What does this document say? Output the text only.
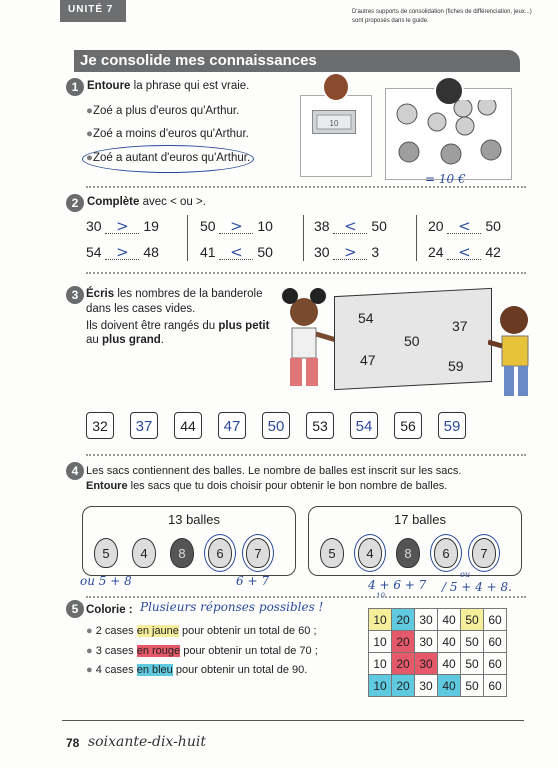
UNITÉ 7	D'autres supports de consolidation (fiches de différenciation, jeux...) sont proposés dans le guide.
Je consolide mes connaissances
1 Entoure la phrase qui est vraie.
●Zoé a plus d'euros qu'Arthur.
●Zoé a moins d'euros qu'Arthur.
●Zoé a autant d'euros qu'Arthur.
10
= 10 €
2 Complète avec < ou >.
30 > 19	50 > 10	38 < 50	20 < 50
54 > 48	41 < 50	30 > 3	24 < 42
3 Écris les nombres de la banderole
dans les cases vides.
Ils doivent être rangés du plus petit
au plus grand.
54	37
50
47	59
32	37	44	47	50	53	54	56	59
4 Les sacs contiennent des balles. Le nombre de balles est inscrit sur les sacs.
Entoure les sacs que tu dois choisir pour obtenir le bon nombre de balles.
13 balles	17 balles
5	4	8	6	7	5	4	8	6	7
ou 5 + 8	6 + 7	4 + 6 + 7
10
ou
/ 5 + 4 + 8.
5 Colorie : Plusieurs réponses possibles !
● 2 cases en jaune pour obtenir un total de 60 ;
● 3 cases en rouge pour obtenir un total de 70 ;
● 4 cases en bleu pour obtenir un total de 90.
10	20	30	40	50	60
10	20	30	40	50	60
10	20	30	40	50	60
10	20	30	40	50	60
78 soixante-dix-huit
